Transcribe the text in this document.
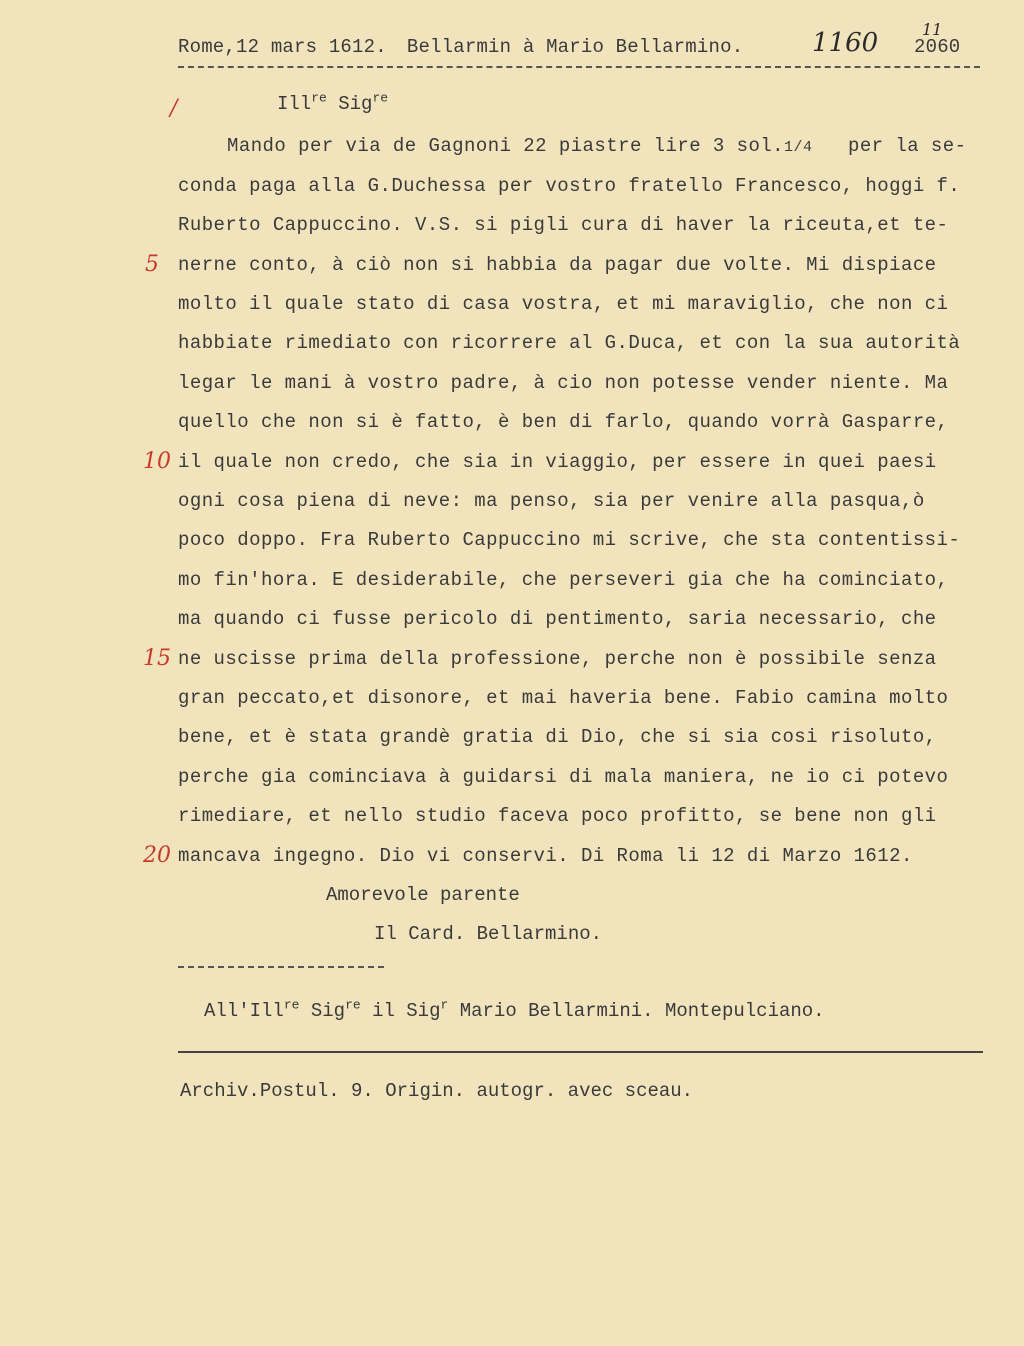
Rome,12 mars 1612. Bellarmin à Mario Bellarmino.	1160	11
2060
/	Ill$^{re}$ Sig$^{re}$
Mando per via de Gagnoni 22 piastre lire 3 sol.1/4 per la se-
conda paga alla G.Duchessa per vostro fratello Francesco, hoggi f.
Ruberto Cappuccino. V.S. si pigli cura di haver la riceuta,et te-
5 nerne conto, à ciò non si habbia da pagar due volte. Mi dispiace
molto il quale stato di casa vostra, et mi maraviglio, che non ci
habbiate rimediato con ricorrere al G.Duca, et con la sua autorità
legar le mani à vostro padre, à cio non potesse vender niente. Ma
quello che non si è fatto, è ben di farlo, quando vorrà Gasparre,
10 il quale non credo, che sia in viaggio, per essere in quei paesi
ogni cosa piena di neve: ma penso, sia per venire alla pasqua,ò
poco doppo. Fra Ruberto Cappuccino mi scrive, che sta contentissi-
mo fin'hora. E desiderabile, che perseveri gia che ha cominciato,
ma quando ci fusse pericolo di pentimento, saria necessario, che
15 ne uscisse prima della professione, perche non è possibile senza
gran peccato,et disonore, et mai haveria bene. Fabio camina molto
bene, et è stata grandè gratia di Dio, che si sia cosi risoluto,
perche gia cominciava à guidarsi di mala maniera, ne io ci potevo
rimediare, et nello studio faceva poco profitto, se bene non gli
20 mancava ingegno. Dio vi conservi. Di Roma li 12 di Marzo 1612.
Amorevole parente
Il Card. Bellarmino.
All'Ill$^{re}$ Sig$^{re}$ il Sig$^r$ Mario Bellarmini. Montepulciano.
Archiv.Postul. 9. Origin. autogr. avec sceau.
